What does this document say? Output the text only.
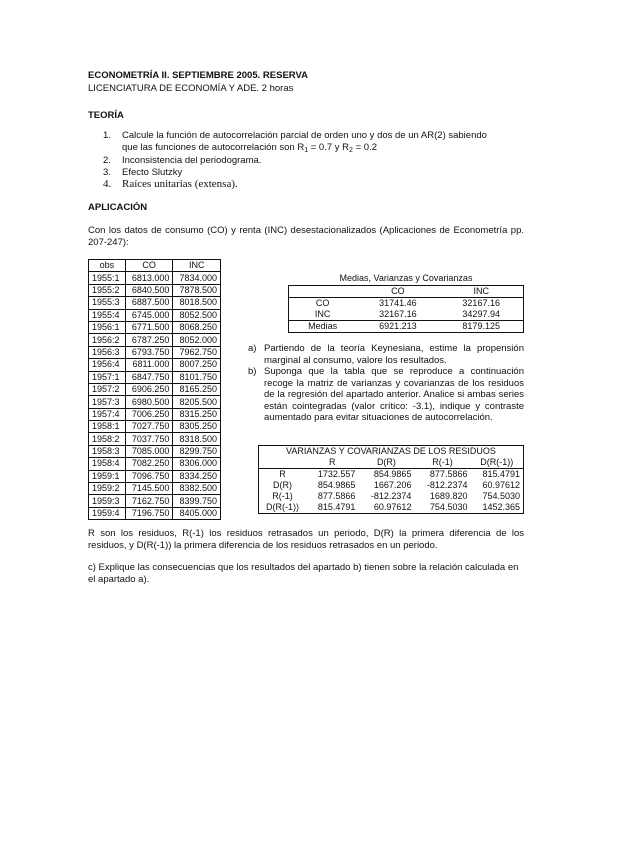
ECONOMETRÍA II. SEPTIEMBRE 2005. RESERVA
LICENCIATURA DE ECONOMÍA Y ADE. 2 horas
TEORÍA
1. Calcule la función de autocorrelación parcial de orden uno y dos de un AR(2) sabiendo
que las funciones de autocorrelación son $R_1 = 0.7$ y $R_2 = 0.2$
2. Inconsistencia del periodograma.
3. Efecto Slutzky
4. Raíces unitarias (extensa).
APLICACIÓN
Con los datos de consumo (CO) y renta (INC) desestacionalizados (Aplicaciones de Econometría pp. 207-247):
obs	CO	INC
1955:1	6813.000	7834.000
1955:2	6840.500	7878.500
1955:3	6887.500	8018.500
1955:4	6745.000	8052.500
1956:1	6771.500	8068.250
1956:2	6787.250	8052.000
1956:3	6793.750	7962.750
1956:4	6811.000	8007.250
1957:1	6847.750	8101.750
1957:2	6906.250	8165.250
1957:3	6980.500	8205.500
1957:4	7006.250	8315.250
1958:1	7027.750	8305.250
1958:2	7037.750	8318.500
1958:3	7085.000	8299.750
1958:4	7082.250	8306.000
1959:1	7096.750	8334.250
1959:2	7145.500	8382.500
1959:3	7162.750	8399.750
1959:4	7196.750	8405.000
Medias, Varianzas y Covarianzas
	CO	INC
CO	31741.46	32167.16
INC	32167.16	34297.94
Medias	6921.213	8179.125
a) Partiendo de la teoría Keynesiana, estime la propensión marginal al consumo, valore los resultados.
b) Suponga que la tabla que se reproduce a continuación recoge la matriz de varianzas y covarianzas de los residuos de la regresión del apartado anterior. Analice si ambas series están cointegradas (valor crítico: -3.1), indique y contraste aumentado para evitar situaciones de autocorrelación.
VARIANZAS Y COVARIANZAS DE LOS RESIDUOS				
	R	D(R)	R(-1)	D(R(-1))
R	1732.557	854.9865	877.5866	815.4791
D(R)	854.9865	1667.206	-812.2374	60.97612
R(-1)	877.5866	-812.2374	1689.820	754.5030
D(R(-1))	815.4791	60.97612	754.5030	1452.365
R son los residuos, R(-1) los residuos retrasados un periodo, D(R) la primera diferencia de los residuos, y D(R(-1)) la primera diferencia de los residuos retrasados en un periodo.
c) Explique las consecuencias que los resultados del apartado b) tienen sobre la relación calculada en el apartado a).
